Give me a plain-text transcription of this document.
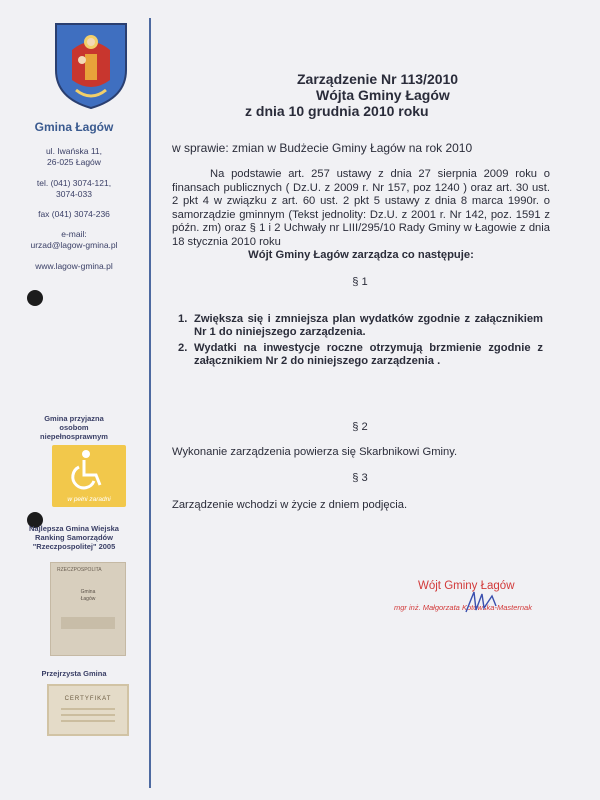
Gmina Łagów
ul. Iwańska 11,
26-025 Łagów
tel. (041) 3074-121,
3074-033
fax (041) 3074-236
e-mail:
urzad@lagow-gmina.pl
www.lagow-gmina.pl
Gmina przyjazna
osobom
niepełnosprawnym
w pełni zaradni
Najlepsza Gmina Wiejska
Ranking Samorządów
"Rzeczpospolitej" 2005
RZECZPOSPOLITA
Gmina
Łagów
Przejrzysta Gmina
CERTYFIKAT
Zarządzenie Nr 113/2010
Wójta Gminy Łagów
z dnia 10 grudnia 2010 roku
w sprawie: zmian w Budżecie Gminy Łagów na rok 2010
Na podstawie art. 257 ustawy z dnia 27 sierpnia 2009 roku o finansach publicznych ( Dz.U. z 2009 r. Nr 157, poz 1240 ) oraz art. 30 ust. 2 pkt 4 w związku z art. 60 ust. 2 pkt 5 ustawy z dnia 8 marca 1990r. o samorządzie gminnym (Tekst jednolity: Dz.U. z 2001 r. Nr 142, poz. 1591 z późn. zm) oraz § 1 i 2 Uchwały nr LIII/295/10 Rady Gminy w Łagowie z dnia 18 stycznia 2010 roku
Wójt Gminy Łagów zarządza co następuje:
§ 1
1. Zwiększa się i zmniejsza plan wydatków zgodnie z załącznikiem Nr 1 do niniejszego zarządzenia.
2. Wydatki na inwestycje roczne otrzymują brzmienie zgodnie z załącznikiem Nr 2 do niniejszego zarządzenia .
§ 2
Wykonanie zarządzenia powierza się Skarbnikowi Gminy.
§ 3
Zarządzenie wchodzi w życie z dniem podjęcia.
Wójt Gminy Łagów
mgr inż. Małgorzata Kotowska-Masternak
